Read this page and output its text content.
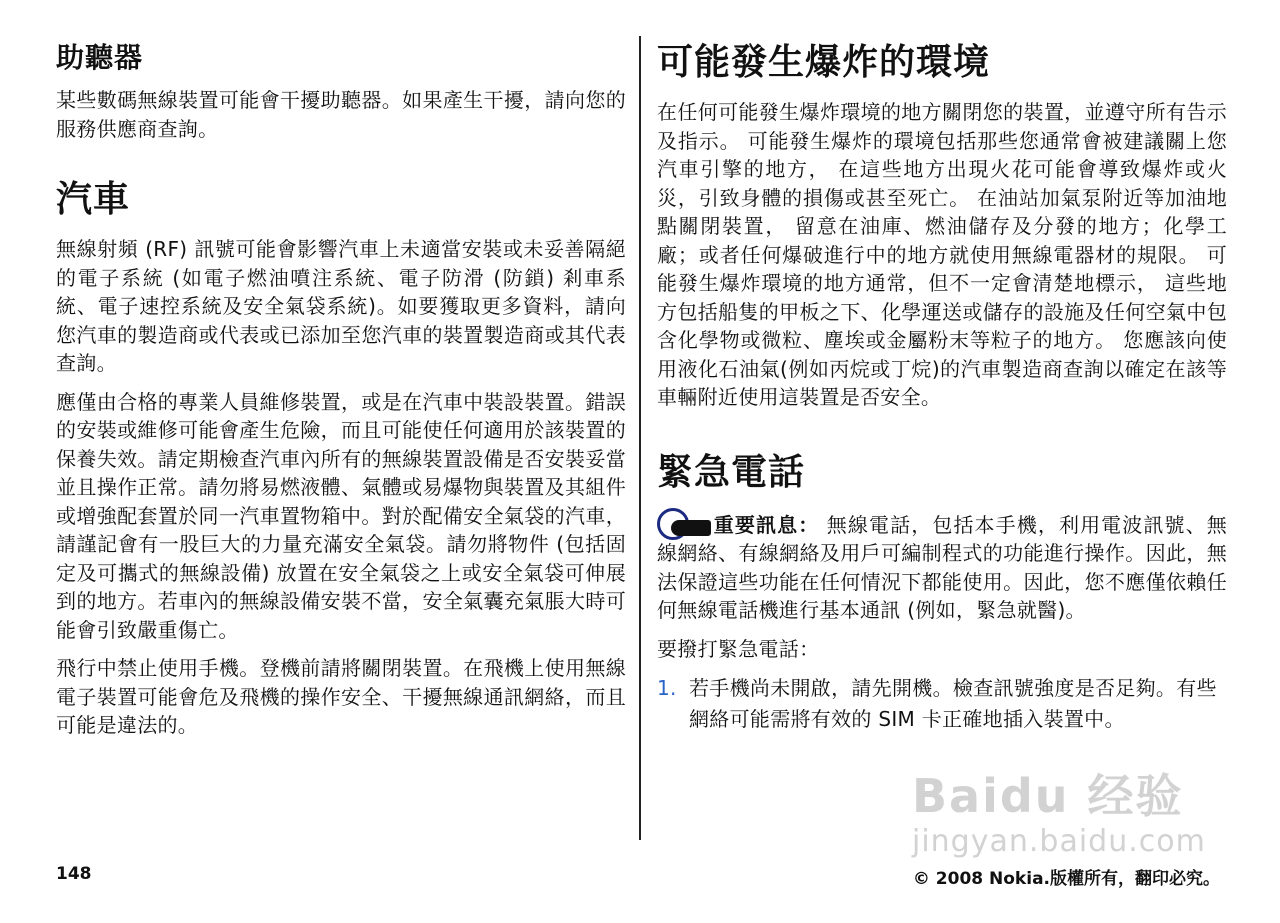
助聽器

某些數碼無線裝置可能會干擾助聽器。如果產生干擾，請向您的服務供應商查詢。

汽車

無線射頻 (RF) 訊號可能會影響汽車上未適當安裝或未妥善隔絕的電子系統 (如電子燃油噴注系統、電子防滑 (防鎖) 剎車系統、電子速控系統及安全氣袋系統)。如要獲取更多資料，請向您汽車的製造商或代表或已添加至您汽車的裝置製造商或其代表查詢。

應僅由合格的專業人員維修裝置，或是在汽車中裝設裝置。錯誤的安裝或維修可能會產生危險，而且可能使任何適用於該裝置的保養失效。請定期檢查汽車內所有的無線裝置設備是否安裝妥當並且操作正常。請勿將易燃液體、氣體或易爆物與裝置及其組件或增強配套置於同一汽車置物箱中。對於配備安全氣袋的汽車，請謹記會有一股巨大的力量充滿安全氣袋。請勿將物件 (包括固定及可攜式的無線設備) 放置在安全氣袋之上或安全氣袋可伸展到的地方。若車內的無線設備安裝不當，安全氣囊充氣脹大時可能會引致嚴重傷亡。

飛行中禁止使用手機。登機前請將關閉裝置。在飛機上使用無線電子裝置可能會危及飛機的操作安全、干擾無線通訊網絡，而且可能是違法的。

可能發生爆炸的環境

在任何可能發生爆炸環境的地方關閉您的裝置，並遵守所有告示及指示。 可能發生爆炸的環境包括那些您通常會被建議關上您汽車引擎的地方， 在這些地方出現火花可能會導致爆炸或火災，引致身體的損傷或甚至死亡。 在油站加氣泵附近等加油地點關閉裝置， 留意在油庫、燃油儲存及分發的地方；化學工廠；或者任何爆破進行中的地方就使用無線電器材的規限。 可能發生爆炸環境的地方通常，但不一定會清楚地標示， 這些地方包括船隻的甲板之下、化學運送或儲存的設施及任何空氣中包含化學物或微粒、塵埃或金屬粉末等粒子的地方。 您應該向使用液化石油氣(例如丙烷或丁烷)的汽車製造商查詢以確定在該等車輛附近使用這裝置是否安全。

緊急電話

重要訊息： 無線電話，包括本手機，利用電波訊號、無線網絡、有線網絡及用戶可編制程式的功能進行操作。因此，無法保證這些功能在任何情況下都能使用。因此，您不應僅依賴任何無線電話機進行基本通訊 (例如，緊急就醫)。

要撥打緊急電話：

1. 若手機尚未開啟，請先開機。檢查訊號強度是否足夠。有些網絡可能需將有效的 SIM 卡正確地插入裝置中。
148	© 2008 Nokia.版權所有，翻印必究。
Baidu 经验
jingyan.baidu.com
